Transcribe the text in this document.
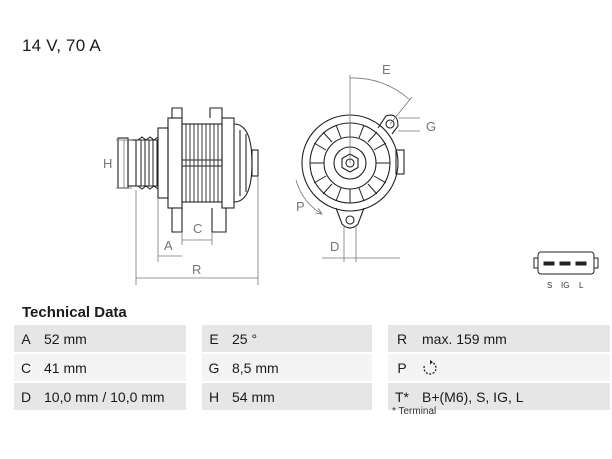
14 V, 70 A
H
C
A
R
E
G
P
D
S IG L
Technical Data
A	52 mm		E	25 °		R	max. 159 mm
C	41 mm		G	8,5 mm		P	
D	10,0 mm / 10,0 mm		H	54 mm		T*	B+(M6), S, IG, L
* Terminal
